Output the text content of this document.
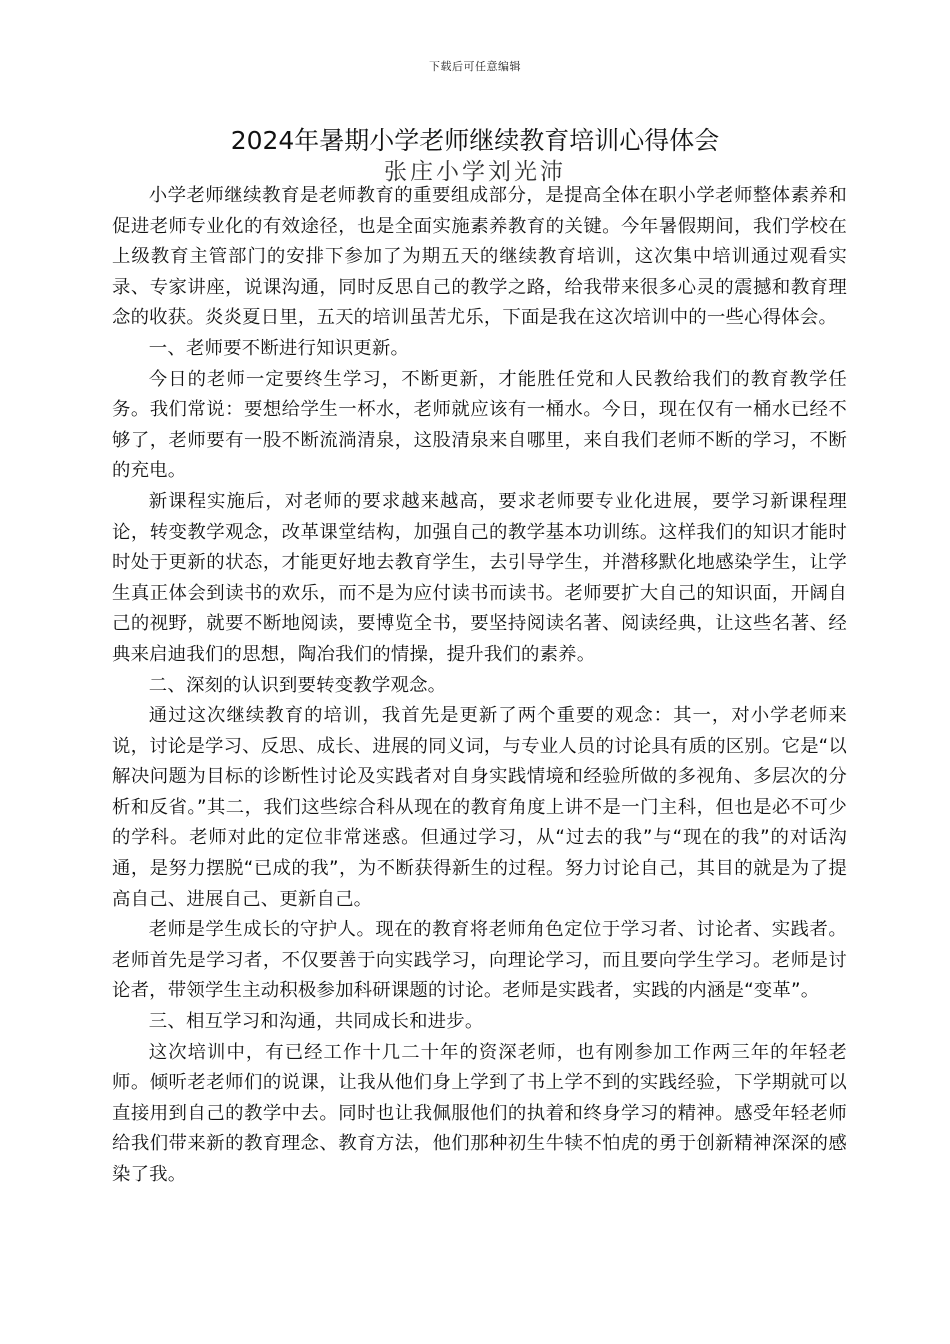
下载后可任意编辑
2024年暑期小学老师继续教育培训心得体会
张庄小学刘光沛

小学老师继续教育是老师教育的重要组成部分，是提高全体在职小学老师整体素养和促进老师专业化的有效途径，也是全面实施素养教育的关键。今年暑假期间，我们学校在上级教育主管部门的安排下参加了为期五天的继续教育培训，这次集中培训通过观看实录、专家讲座，说课沟通，同时反思自己的教学之路，给我带来很多心灵的震撼和教育理念的收获。炎炎夏日里，五天的培训虽苦尤乐，下面是我在这次培训中的一些心得体会。

一、老师要不断进行知识更新。

今日的老师一定要终生学习，不断更新，才能胜任党和人民教给我们的教育教学任务。我们常说：要想给学生一杯水，老师就应该有一桶水。今日，现在仅有一桶水已经不够了，老师要有一股不断流淌清泉，这股清泉来自哪里，来自我们老师不断的学习，不断的充电。

新课程实施后，对老师的要求越来越高，要求老师要专业化进展，要学习新课程理论，转变教学观念，改革课堂结构，加强自己的教学基本功训练。这样我们的知识才能时时处于更新的状态，才能更好地去教育学生，去引导学生，并潜移默化地感染学生，让学生真正体会到读书的欢乐，而不是为应付读书而读书。老师要扩大自己的知识面，开阔自己的视野，就要不断地阅读，要博览全书，要坚持阅读名著、阅读经典，让这些名著、经典来启迪我们的思想，陶冶我们的情操，提升我们的素养。

二、深刻的认识到要转变教学观念。

通过这次继续教育的培训，我首先是更新了两个重要的观念：其一，对小学老师来说，讨论是学习、反思、成长、进展的同义词，与专业人员的讨论具有质的区别。它是“以解决问题为目标的诊断性讨论及实践者对自身实践情境和经验所做的多视角、多层次的分析和反省。”其二，我们这些综合科从现在的教育角度上讲不是一门主科，但也是必不可少的学科。老师对此的定位非常迷惑。但通过学习，从“过去的我”与“现在的我”的对话沟通，是努力摆脱“已成的我”，为不断获得新生的过程。努力讨论自己，其目的就是为了提高自己、进展自己、更新自己。

老师是学生成长的守护人。现在的教育将老师角色定位于学习者、讨论者、实践者。老师首先是学习者，不仅要善于向实践学习，向理论学习，而且要向学生学习。老师是讨论者，带领学生主动积极参加科研课题的讨论。老师是实践者，实践的内涵是“变革”。

三、相互学习和沟通，共同成长和进步。

这次培训中，有已经工作十几二十年的资深老师，也有刚参加工作两三年的年轻老师。倾听老老师们的说课，让我从他们身上学到了书上学不到的实践经验，下学期就可以直接用到自己的教学中去。同时也让我佩服他们的执着和终身学习的精神。感受年轻老师给我们带来新的教育理念、教育方法，他们那种初生牛犊不怕虎的勇于创新精神深深的感染了我。
